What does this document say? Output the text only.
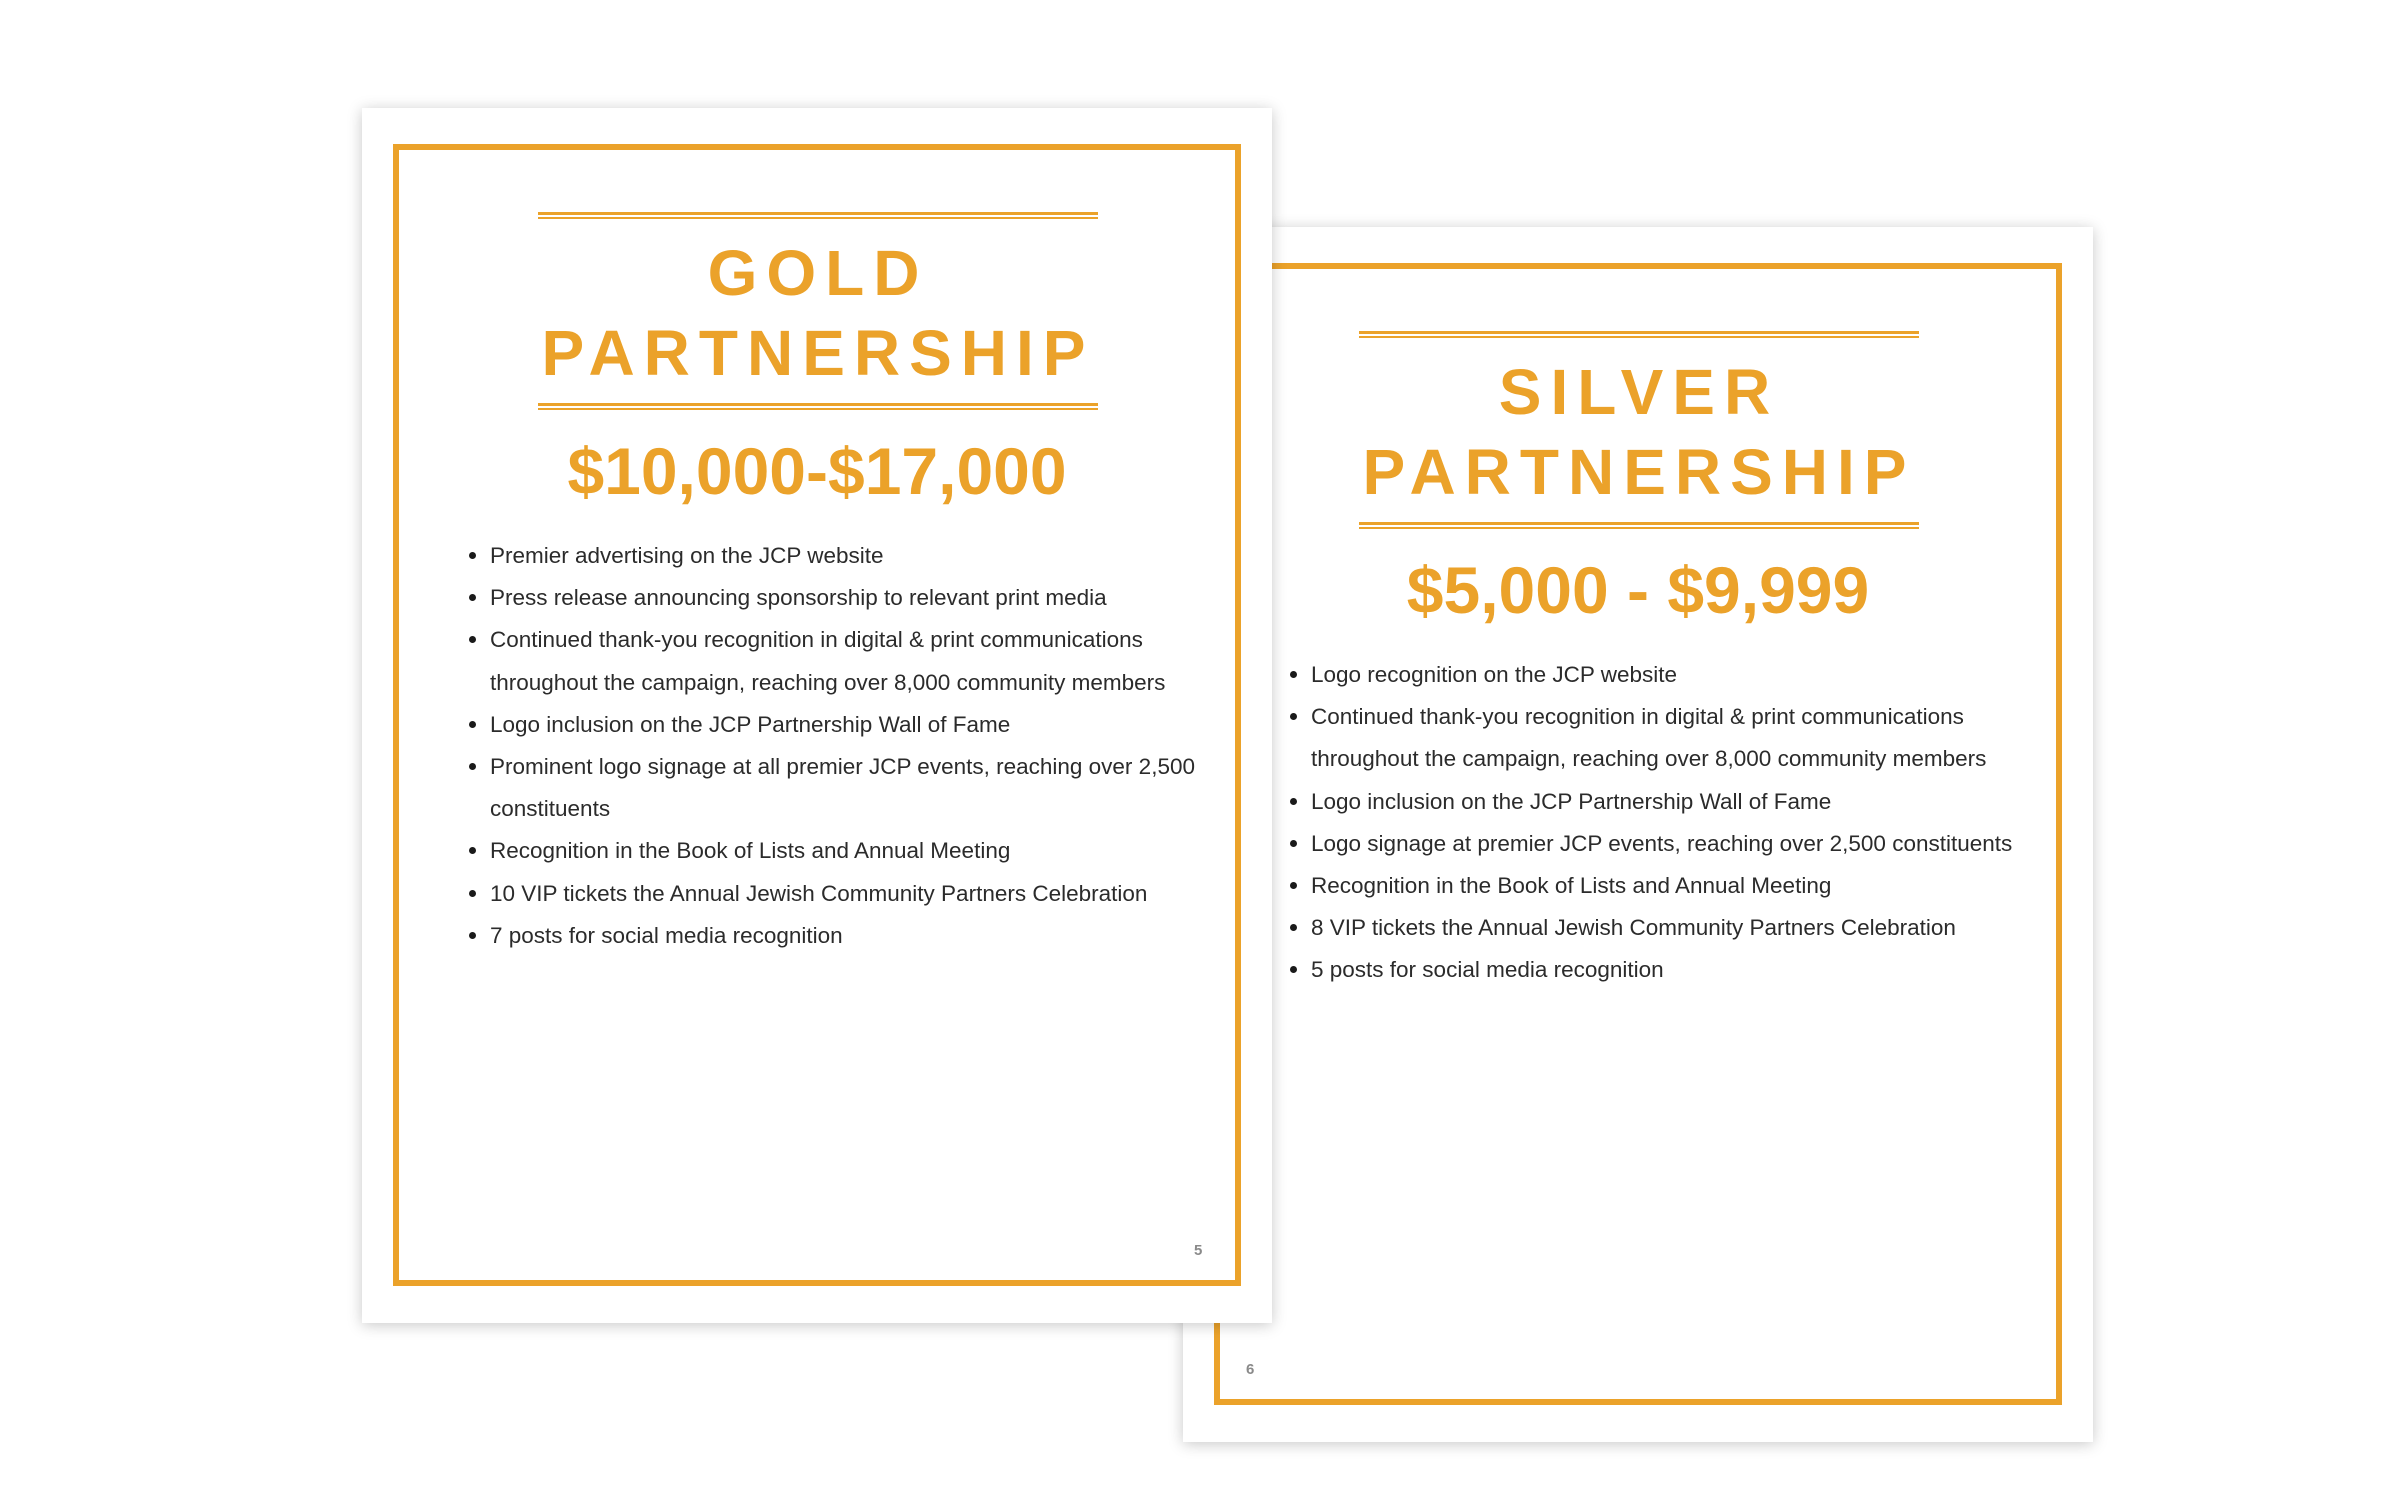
SILVER
PARTNERSHIP
$5,000 - $9,999
Logo recognition on the JCP website
Continued thank-you recognition in digital & print communications throughout the campaign, reaching over 8,000 community members
Logo inclusion on the JCP Partnership Wall of Fame
Logo signage at premier JCP events, reaching over 2,500 constituents
Recognition in the Book of Lists and Annual Meeting
8 VIP tickets the Annual Jewish Community Partners Celebration
5 posts for social media recognition
6
GOLD
PARTNERSHIP
$10,000-$17,000
Premier advertising on the JCP website
Press release announcing sponsorship to relevant print media
Continued thank-you recognition in digital & print communications throughout the campaign, reaching over 8,000 community members
Logo inclusion on the JCP Partnership Wall of Fame
Prominent logo signage at all premier JCP events, reaching over 2,500 constituents
Recognition in the Book of Lists and Annual Meeting
10 VIP tickets the Annual Jewish Community Partners Celebration
7 posts for social media recognition
5
